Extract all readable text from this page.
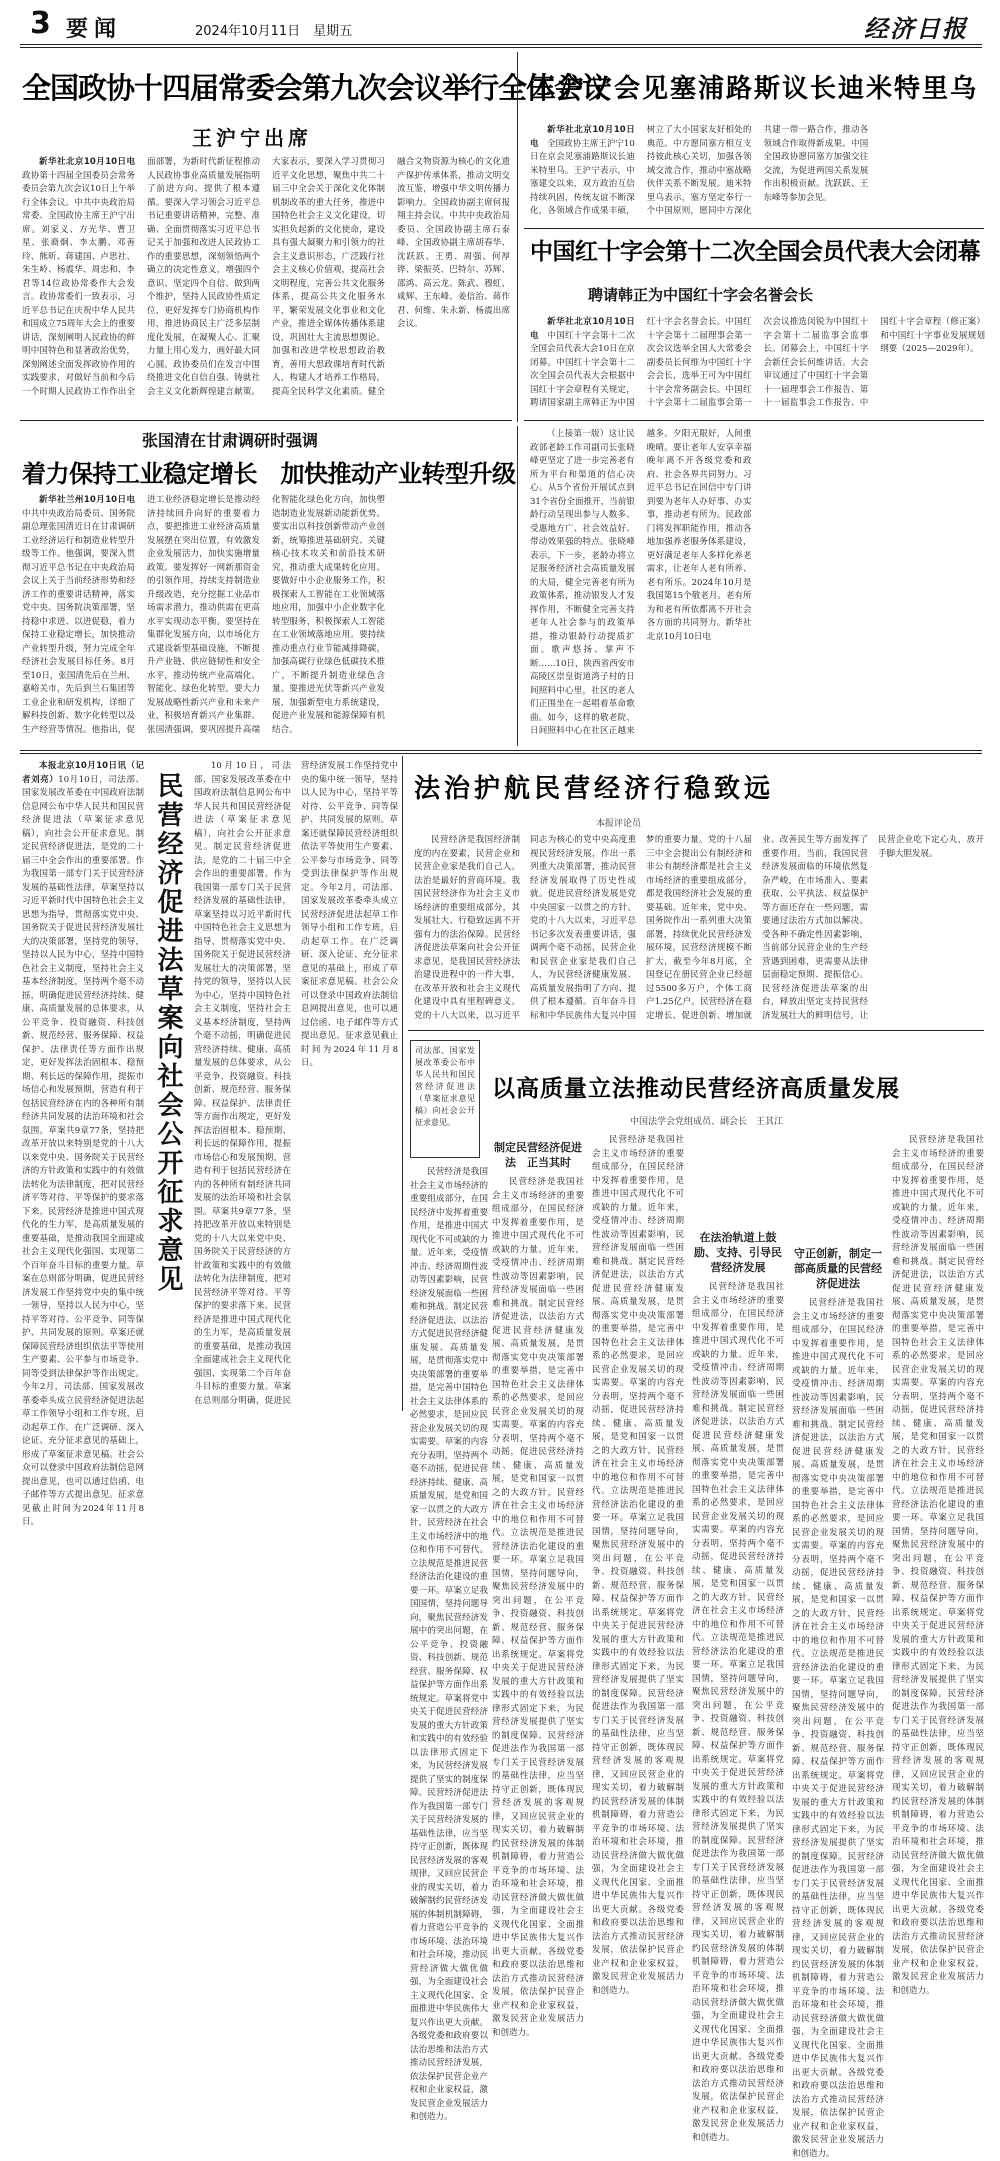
3 要闻	2024年10月11日　星期五	经济日报
全国政协十四届常委会第九次会议举行全体会议
王沪宁出席

新华社北京10月10日电　政协第十四届全国委员会常务委员会第九次会议10日上午举行全体会议。中共中央政治局常委、全国政协主席王沪宁出席。刘家义、方光华、曹卫星、张裔炯、李太鹏、邓善玲、熊昕、蒋建国、卢思社、朱生岭、杨震华、周忠和、李君等14位政协常委作大会发言。政协常委们一致表示，习近平总书记在庆祝中华人民共和国成立75周年大会上的重要讲话，深刻阐明人民政协的鲜明中国特色和显著政治优势，深刻阐述全面发挥政协作用的实践要求，对做好当前和今后一个时期人民政协工作作出全面部署，为新时代新征程推动人民政协事业高质量发展指明了前进方向、提供了根本遵循。要深入学习领会习近平总书记重要讲话精神，完整、准确、全面贯彻落实习近平总书记关于加强和改进人民政协工作的重要思想，深刻领悟两个确立的决定性意义，增强四个意识、坚定四个自信、做到两个维护，坚持人民政协性质定位，更好发挥专门协商机构作用，推进协商民主广泛多层制度化发展，在凝聚人心、汇聚力量上用心发力，画好最大同心圆。政协委员们在发言中围绕推进文化自信自强、铸就社会主义文化新辉煌建言献策。大家表示，要深入学习贯彻习近平文化思想，聚焦中共二十届三中全会关于深化文化体制机制改革的重大任务，推进中国特色社会主义文化建设，切实担负起新的文化使命，建设具有强大凝聚力和引领力的社会主义意识形态，广泛践行社会主义核心价值观，提高社会文明程度，完善公共文化服务体系，提高公共文化服务水平，繁荣发展文化事业和文化产业，推进全媒体传播体系建设，巩固壮大主流思想舆论。加强和改进学校思想政治教育，善用大思政课培育时代新人，构建人才培养工作格局，提高全民科学文化素质。健全融合文物资源为核心的文化遗产保护传承体系，推动文明交流互鉴，增强中华文明传播力影响力。全国政协副主席何报翔主持会议。中共中央政治局委员、全国政协副主席石泰峰、全国政协副主席胡春华、沈跃跃、王勇、周强、何厚铧、梁振英、巴特尔、苏辉、邵鸿、高云龙、陈武、穆虹、咸辉、王东峰、姜信治、蒋作君、何维、朱永新、杨震出席会议。

王沪宁会见塞浦路斯议长迪米特里乌

新华社北京10月10日电　 全国政协主席王沪宁10日在京会见塞浦路斯议长迪米特里乌。王沪宁表示，中塞建交以来，双方政治互信持续巩固，传统友谊不断深化，各领域合作成果丰硕，树立了大小国家友好相处的典范。中方愿同塞方相互支持彼此核心关切，加强各领域交流合作，推动中塞战略伙伴关系不断发展。迪米特里乌表示，塞方坚定奉行一个中国原则，愿同中方深化共建一带一路合作，推动各领域合作取得新成果。中国全国政协愿同塞方加强交往交流，为促进两国关系发展作出积极贡献。沈跃跃、王东峰等参加会见。

中国红十字会第十二次全国会员代表大会闭幕
聘请韩正为中国红十字会名誉会长

新华社北京10月10日电　 中国红十字会第十二次全国会员代表大会10日在京闭幕。中国红十字会第十二次全国会员代表大会根据中国红十字会章程有关规定，聘请国家副主席韩正为中国红十字会名誉会长。中国红十字会第十二届理事会第一次会议选举全国人大常委会副委员长何维为中国红十字会会长，选举王可为中国红十字会常务副会长。中国红十字会第十二届监事会第一次会议推选闵锐为中国红十字会第十二届监事会监事长。闭幕会上，中国红十字会新任会长何维讲话。大会审议通过了中国红十字会第十一届理事会工作报告、第十一届监事会工作报告、中国红十字会章程（修正案）和中国红十字事业发展规划纲要（2025—2029年）。

张国清在甘肃调研时强调
着力保持工业稳定增长　加快推动产业转型升级

新华社兰州10月10日电　中共中央政治局委员、国务院副总理张国清近日在甘肃调研工业经济运行和制造业转型升级等工作。他强调，要深入贯彻习近平总书记在中央政治局会议上关于当前经济形势和经济工作的重要讲话精神，落实党中央、国务院决策部署，坚持稳中求进、以进促稳，着力保持工业稳定增长，加快推动产业转型升级，努力完成全年经济社会发展目标任务。8月至10日，张国清先后在兰州、嘉峪关市，先后到兰石集团等工业企业和研发机构，详细了解科技创新、数字化转型以及生产经营等情况。他指出，促进工业经济稳定增长是推动经济持续回升向好的重要着力点，要把推进工业经济高质量发展摆在突出位置，有效激发企业发展活力，加快实施增量政策。要发挥好一网新那资金的引领作用，持续支持制造业升级改造，充分挖掘工业品市场需求潜力，推动供需在更高水平实现动态平衡。要坚持在集群化发展方向，以市场化方式建设新型基础设施，不断提升产业链、供应链韧性和安全水平，推动传统产业高端化、智能化、绿色化转型。要大力发展战略性新兴产业和未来产业，积极培育新兴产业集群。张国清强调，要巩固提升高端化智能化绿色化方向，加快塑造制造业发展新动能新优势。要实出以科技创新带动产业创新，统筹推进基础研究、关键核心技术攻关和前沿技术研究，推动重大成果转化应用。要做好中小企业服务工作，积极探索人工智能在工业领域落地应用，加强中小企业数字化转型服务，积极探索人工智能在工业领域落地应用。要持续推动重点行业节能减排降碳，加强高碳行业绿色低碳技术推广，不断提升制造业绿色含量。要推进光伏等新兴产业发展，加强新型电力系统建设，促进产业发展和能源保障有机结合。

（上接第一版）这让民政部老龄工作司副司长张晓峰更坚定了进一步完善老有所为平台和渠道的信心决心。从5个省份开展试点到31个省份全面推开，当前银龄行动呈现出参与人数多、受惠地方广、社会效益好、带动效果强的特点。张晓峰表示，下一步，老龄办将立足服务经济社会高质量发展的大局，健全完善老有所为政策体系，推动银发人才发挥作用，不断健全完善支持老年人社会参与的政策举措，推动银龄行动提质扩面。歌声悠扬、掌声不断……10日，陕西省西安市高陵区崇皇街道湾子村的日间照料中心里，社区的老人们正围坐在一起唱着革命歌曲。如今，这样的敬老院、日间照料中心在社区正越来越多。夕阳无限好，人间重晚晴。要让老年人安享幸福晚年离不开各级党委和政府、社会各界共同努力。习近平总书记在回信中专门讲到要为老年人办好事、办实事，推动老有所为。民政部门将发挥职能作用，推动各地加强养老服务体系建设，更好满足老年人多样化养老需求，让老年人老有所养、老有所乐。2024年10月是我国第15个敬老月。老有所为和老有所依都离不开社会各方面的共同努力。新华社北京10月10日电

本报北京10月10日讯（记者刘亮）10月10日，司法部、国家发展改革委在中国政府法制信息网公布中华人民共和国民营经济促进法（草案征求意见稿），向社会公开征求意见。制定民营经济促进法，是党的二十届三中全会作出的重要部署。作为我国第一部专门关于民营经济发展的基础性法律，草案坚持以习近平新时代中国特色社会主义思想为指导，贯彻落实党中央、国务院关于促进民营经济发展壮大的决策部署，坚持党的领导，坚持以人民为中心，坚持中国特色社会主义制度，坚持社会主义基本经济制度，坚持两个毫不动摇，明确促进民营经济持续、健康、高质量发展的总体要求，从公平竞争、投资融资、科技创新、规范经营、服务保障、权益保护、法律责任等方面作出规定，更好发挥法治固根本、稳预期、利长远的保障作用，提振市场信心和发展预期，营造有利于包括民营经济在内的各种所有制经济共同发展的法治环境和社会氛围。草案共9章77条，坚持把改革开放以来特别是党的十八大以来党中央、国务院关于民营经济的方针政策和实践中的有效做法转化为法律制度，把对民营经济平等对待、平等保护的要求落下来。民营经济是推进中国式现代化的生力军，是高质量发展的重要基础，是推动我国全面建成社会主义现代化强国、实现第二个百年奋斗目标的重要力量。草案在总则部分明确，促进民营经济发展工作坚持党中央的集中统一领导，坚持以人民为中心，坚持平等对待、公平竞争、同等保护、共同发展的原则。草案还就保障民营经济组织依法平等使用生产要素、公平参与市场竞争、同等受到法律保护等作出规定。今年2月，司法部、国家发展改革委牵头成立民营经济促进法起草工作领导小组和工作专班，启动起草工作。在广泛调研、深入论证、充分征求意见的基础上，形成了草案征求意见稿。社会公众可以登录中国政府法制信息网提出意见，也可以通过信函、电子邮件等方式提出意见。征求意见截止时间为2024年11月8日。

民营经济促进法草案向社会公开征求意见

10月10日，司法部、国家发展改革委在中国政府法制信息网公布中华人民共和国民营经济促进法（草案征求意见稿），向社会公开征求意见。制定民营经济促进法，是党的二十届三中全会作出的重要部署。作为我国第一部专门关于民营经济发展的基础性法律，草案坚持以习近平新时代中国特色社会主义思想为指导，贯彻落实党中央、国务院关于促进民营经济发展壮大的决策部署，坚持党的领导，坚持以人民为中心，坚持中国特色社会主义制度，坚持社会主义基本经济制度，坚持两个毫不动摇，明确促进民营经济持续、健康、高质量发展的总体要求，从公平竞争、投资融资、科技创新、规范经营、服务保障、权益保护、法律责任等方面作出规定，更好发挥法治固根本、稳预期、利长远的保障作用，提振市场信心和发展预期，营造有利于包括民营经济在内的各种所有制经济共同发展的法治环境和社会氛围。草案共9章77条，坚持把改革开放以来特别是党的十八大以来党中央、国务院关于民营经济的方针政策和实践中的有效做法转化为法律制度，把对民营经济平等对待、平等保护的要求落下来。民营经济是推进中国式现代化的生力军，是高质量发展的重要基础，是推动我国全面建成社会主义现代化强国、实现第二个百年奋斗目标的重要力量。草案在总则部分明确，促进民营经济发展工作坚持党中央的集中统一领导，坚持以人民为中心，坚持平等对待、公平竞争、同等保护、共同发展的原则。草案还就保障民营经济组织依法平等使用生产要素、公平参与市场竞争、同等受到法律保护等作出规定。今年2月，司法部、国家发展改革委牵头成立民营经济促进法起草工作领导小组和工作专班，启动起草工作。在广泛调研、深入论证、充分征求意见的基础上，形成了草案征求意见稿。社会公众可以登录中国政府法制信息网提出意见，也可以通过信函、电子邮件等方式提出意见。征求意见截止时间为2024年11月8日。

法治护航民营经济行稳致远
本报评论员

民营经济是我国经济制度的内在要素，民营企业和民营企业家是我们自己人。法治是最好的营商环境。我国民营经济作为社会主义市场经济的重要组成部分，其发展壮大、行稳致远离不开强有力的法治保障。民营经济促进法草案向社会公开征求意见，是我国民营经济法治建设进程中的一件大事，在改革开放和社会主义现代化建设中具有里程碑意义。党的十八大以来，以习近平同志为核心的党中央高度重视民营经济发展，作出一系列重大决策部署，推动民营经济发展取得了历史性成就。促进民营经济发展是党中央国家一以贯之的方针。党的十八大以来，习近平总书记多次发表重要讲话，强调两个毫不动摇，民营企业和民营企业家是我们自己人，为民营经济健康发展、高质量发展指明了方向、提供了根本遵循。百年奋斗目标和中华民族伟大复兴中国梦的重要力量。党的十八届三中全会提出公有制经济和非公有制经济都是社会主义市场经济的重要组成部分，都是我国经济社会发展的重要基础。近年来，党中央、国务院作出一系列重大决策部署，持续优化民营经济发展环境，民营经济规模不断扩大，截至今年8月底，全国登记在册民营企业已经超过5500多万户，个体工商户1.25亿户。民营经济在稳定增长、促进创新、增加就业、改善民生等方面发挥了重要作用。当前，我国民营经济发展面临的环境依然复杂严峻，在市场准入、要素获取、公平执法、权益保护等方面还存在一些问题，需要通过法治方式加以解决。受各种不确定性因素影响，当前部分民营企业的生产经营遇到困难，更需要从法律层面稳定预期、提振信心。民营经济促进法草案的出台，释放出坚定支持民营经济发展壮大的鲜明信号，让民营企业吃下定心丸，放开手脚大胆发展。

司法部、国家发展改革委公布中华人民共和国民营经济促进法（草案征求意见稿）向社会公开征求意见。

以高质量立法推动民营经济高质量发展
中国法学会党组成员、副会长　王其江
制定民营经济促进法　正当其时

民营经济是我国社会主义市场经济的重要组成部分，在国民经济中发挥着重要作用，是推进中国式现代化不可或缺的力量。近年来，受疫情冲击、经济周期性波动等因素影响，民营经济发展面临一些困难和挑战。制定民营经济促进法，以法治方式促进民营经济健康发展、高质量发展，是贯彻落实党中央决策部署的重要举措，是完善中国特色社会主义法律体系的必然要求，是回应民营企业发展关切的现实需要。草案的内容充分表明，坚持两个毫不动摇，促进民营经济持续、健康、高质量发展，是党和国家一以贯之的大政方针，民营经济在社会主义市场经济中的地位和作用不可替代。立法规范是推进民营经济法治化建设的重要一环。草案立足我国国情，坚持问题导向，聚焦民营经济发展中的突出问题，在公平竞争、投资融资、科技创新、规范经营、服务保障、权益保护等方面作出系统规定。草案将党中央关于促进民营经济发展的重大方针政策和实践中的有效经验以法律形式固定下来，为民营经济发展提供了坚实的制度保障。民营经济促进法作为我国第一部专门关于民营经济发展的基础性法律，应当坚持守正创新，既体现民营经济发展的客观规律，又回应民营企业的现实关切，着力破解制约民营经济发展的体制机制障碍，着力营造公平竞争的市场环境、法治环境和社会环境，推动民营经济做大做优做强，为全面建设社会主义现代化国家、全面推进中华民族伟大复兴作出更大贡献。各级党委和政府要以法治思维和法治方式推动民营经济发展，依法保护民营企业产权和企业家权益，激发民营企业发展活力和创造力。

民营经济是我国社会主义市场经济的重要组成部分，在国民经济中发挥着重要作用，是推进中国式现代化不可或缺的力量。近年来，受疫情冲击、经济周期性波动等因素影响，民营经济发展面临一些困难和挑战。制定民营经济促进法，以法治方式促进民营经济健康发展、高质量发展，是贯彻落实党中央决策部署的重要举措，是完善中国特色社会主义法律体系的必然要求，是回应民营企业发展关切的现实需要。草案的内容充分表明，坚持两个毫不动摇，促进民营经济持续、健康、高质量发展，是党和国家一以贯之的大政方针，民营经济在社会主义市场经济中的地位和作用不可替代。立法规范是推进民营经济法治化建设的重要一环。草案立足我国国情，坚持问题导向，聚焦民营经济发展中的突出问题，在公平竞争、投资融资、科技创新、规范经营、服务保障、权益保护等方面作出系统规定。草案将党中央关于促进民营经济发展的重大方针政策和实践中的有效经验以法律形式固定下来，为民营经济发展提供了坚实的制度保障。民营经济促进法作为我国第一部专门关于民营经济发展的基础性法律，应当坚持守正创新，既体现民营经济发展的客观规律，又回应民营企业的现实关切，着力破解制约民营经济发展的体制机制障碍，着力营造公平竞争的市场环境、法治环境和社会环境，推动民营经济做大做优做强，为全面建设社会主义现代化国家、全面推进中华民族伟大复兴作出更大贡献。各级党委和政府要以法治思维和法治方式推动民营经济发展，依法保护民营企业产权和企业家权益，激发民营企业发展活力和创造力。

在法治轨道上鼓励、支持、引导民营经济发展

民营经济是我国社会主义市场经济的重要组成部分，在国民经济中发挥着重要作用，是推进中国式现代化不可或缺的力量。近年来，受疫情冲击、经济周期性波动等因素影响，民营经济发展面临一些困难和挑战。制定民营经济促进法，以法治方式促进民营经济健康发展、高质量发展，是贯彻落实党中央决策部署的重要举措，是完善中国特色社会主义法律体系的必然要求，是回应民营企业发展关切的现实需要。草案的内容充分表明，坚持两个毫不动摇，促进民营经济持续、健康、高质量发展，是党和国家一以贯之的大政方针，民营经济在社会主义市场经济中的地位和作用不可替代。立法规范是推进民营经济法治化建设的重要一环。草案立足我国国情，坚持问题导向，聚焦民营经济发展中的突出问题，在公平竞争、投资融资、科技创新、规范经营、服务保障、权益保护等方面作出系统规定。草案将党中央关于促进民营经济发展的重大方针政策和实践中的有效经验以法律形式固定下来，为民营经济发展提供了坚实的制度保障。民营经济促进法作为我国第一部专门关于民营经济发展的基础性法律，应当坚持守正创新，既体现民营经济发展的客观规律，又回应民营企业的现实关切，着力破解制约民营经济发展的体制机制障碍，着力营造公平竞争的市场环境、法治环境和社会环境，推动民营经济做大做优做强，为全面建设社会主义现代化国家、全面推进中华民族伟大复兴作出更大贡献。各级党委和政府要以法治思维和法治方式推动民营经济发展，依法保护民营企业产权和企业家权益，激发民营企业发展活力和创造力。

守正创新，制定一部高质量的民营经济促进法

民营经济是我国社会主义市场经济的重要组成部分，在国民经济中发挥着重要作用，是推进中国式现代化不可或缺的力量。近年来，受疫情冲击、经济周期性波动等因素影响，民营经济发展面临一些困难和挑战。制定民营经济促进法，以法治方式促进民营经济健康发展、高质量发展，是贯彻落实党中央决策部署的重要举措，是完善中国特色社会主义法律体系的必然要求，是回应民营企业发展关切的现实需要。草案的内容充分表明，坚持两个毫不动摇，促进民营经济持续、健康、高质量发展，是党和国家一以贯之的大政方针，民营经济在社会主义市场经济中的地位和作用不可替代。立法规范是推进民营经济法治化建设的重要一环。草案立足我国国情，坚持问题导向，聚焦民营经济发展中的突出问题，在公平竞争、投资融资、科技创新、规范经营、服务保障、权益保护等方面作出系统规定。草案将党中央关于促进民营经济发展的重大方针政策和实践中的有效经验以法律形式固定下来，为民营经济发展提供了坚实的制度保障。民营经济促进法作为我国第一部专门关于民营经济发展的基础性法律，应当坚持守正创新，既体现民营经济发展的客观规律，又回应民营企业的现实关切，着力破解制约民营经济发展的体制机制障碍，着力营造公平竞争的市场环境、法治环境和社会环境，推动民营经济做大做优做强，为全面建设社会主义现代化国家、全面推进中华民族伟大复兴作出更大贡献。各级党委和政府要以法治思维和法治方式推动民营经济发展，依法保护民营企业产权和企业家权益，激发民营企业发展活力和创造力。

民营经济是我国社会主义市场经济的重要组成部分，在国民经济中发挥着重要作用，是推进中国式现代化不可或缺的力量。近年来，受疫情冲击、经济周期性波动等因素影响，民营经济发展面临一些困难和挑战。制定民营经济促进法，以法治方式促进民营经济健康发展、高质量发展，是贯彻落实党中央决策部署的重要举措，是完善中国特色社会主义法律体系的必然要求，是回应民营企业发展关切的现实需要。草案的内容充分表明，坚持两个毫不动摇，促进民营经济持续、健康、高质量发展，是党和国家一以贯之的大政方针，民营经济在社会主义市场经济中的地位和作用不可替代。立法规范是推进民营经济法治化建设的重要一环。草案立足我国国情，坚持问题导向，聚焦民营经济发展中的突出问题，在公平竞争、投资融资、科技创新、规范经营、服务保障、权益保护等方面作出系统规定。草案将党中央关于促进民营经济发展的重大方针政策和实践中的有效经验以法律形式固定下来，为民营经济发展提供了坚实的制度保障。民营经济促进法作为我国第一部专门关于民营经济发展的基础性法律，应当坚持守正创新，既体现民营经济发展的客观规律，又回应民营企业的现实关切，着力破解制约民营经济发展的体制机制障碍，着力营造公平竞争的市场环境、法治环境和社会环境，推动民营经济做大做优做强，为全面建设社会主义现代化国家、全面推进中华民族伟大复兴作出更大贡献。各级党委和政府要以法治思维和法治方式推动民营经济发展，依法保护民营企业产权和企业家权益，激发民营企业发展活力和创造力。

民营经济是我国社会主义市场经济的重要组成部分，在国民经济中发挥着重要作用，是推进中国式现代化不可或缺的力量。近年来，受疫情冲击、经济周期性波动等因素影响，民营经济发展面临一些困难和挑战。制定民营经济促进法，以法治方式促进民营经济健康发展、高质量发展，是贯彻落实党中央决策部署的重要举措，是完善中国特色社会主义法律体系的必然要求，是回应民营企业发展关切的现实需要。草案的内容充分表明，坚持两个毫不动摇，促进民营经济持续、健康、高质量发展，是党和国家一以贯之的大政方针，民营经济在社会主义市场经济中的地位和作用不可替代。立法规范是推进民营经济法治化建设的重要一环。草案立足我国国情，坚持问题导向，聚焦民营经济发展中的突出问题，在公平竞争、投资融资、科技创新、规范经营、服务保障、权益保护等方面作出系统规定。草案将党中央关于促进民营经济发展的重大方针政策和实践中的有效经验以法律形式固定下来，为民营经济发展提供了坚实的制度保障。民营经济促进法作为我国第一部专门关于民营经济发展的基础性法律，应当坚持守正创新，既体现民营经济发展的客观规律，又回应民营企业的现实关切，着力破解制约民营经济发展的体制机制障碍，着力营造公平竞争的市场环境、法治环境和社会环境，推动民营经济做大做优做强，为全面建设社会主义现代化国家、全面推进中华民族伟大复兴作出更大贡献。各级党委和政府要以法治思维和法治方式推动民营经济发展，依法保护民营企业产权和企业家权益，激发民营企业发展活力和创造力。
